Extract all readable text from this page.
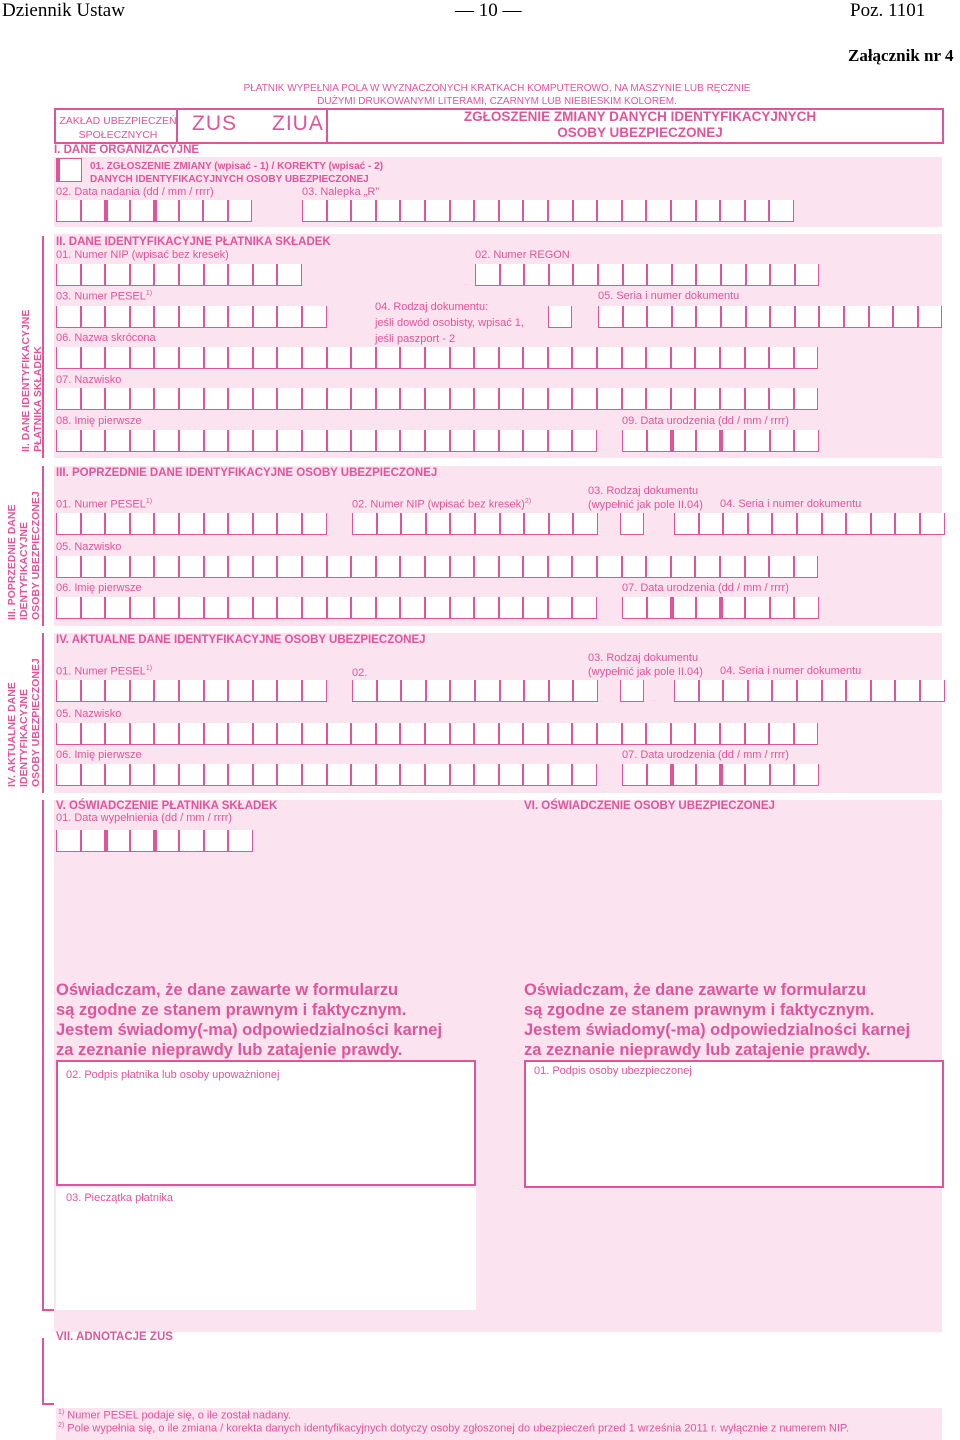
Dziennik Ustaw	— 10 —	Poz. 1101
Załącznik nr 4
PŁATNIK WYPEŁNIA POLA W WYZNACZONYCH KRATKACH KOMPUTEROWO, NA MASZYNIE LUB RĘCZNIE
DUŻYMI DRUKOWANYMI LITERAMI, CZARNYM LUB NIEBIESKIM KOLOREM.
ZAKŁAD UBEZPIECZEŃ
SPOŁECZNYCH	ZUS ZIUA	ZGŁOSZENIE ZMIANY DANYCH IDENTYFIKACYJNYCH
OSOBY UBEZPIECZONEJ
I. DANE ORGANIZACYJNE
01. ZGŁOSZENIE ZMIANY (wpisać - 1) / KOREKTY (wpisać - 2)
DANYCH IDENTYFIKACYJNYCH OSOBY UBEZPIECZONEJ
02. Data nadania (dd / mm / rrrr)	03. Nalepka „R”
II. DANE IDENTYFIKACYJNE PŁATNIKA SKŁADEK
II. DANE IDENTYFIKACYJNE PŁATNIKA SKŁADEK
01. Numer NIP (wpisać bez kresek)	02. Numer REGON
03. Numer PESEL$^{1)}$
04. Rodzaj dokumentu:
jeśli dowód osobisty, wpisać 1,
jeśli paszport - 2
05. Seria i numer dokumentu
06. Nazwa skrócona
07. Nazwisko
08. Imię pierwsze	09. Data urodzenia (dd / mm / rrrr)
III. POPRZEDNIE DANE IDENTYFIKACYJNE OSOBY UBEZPIECZONEJ
III. POPRZEDNIE DANE IDENTYFIKACYJNE OSOBY UBEZPIECZONEJ
01. Numer PESEL$^{1)}$	02. Numer NIP (wpisać bez kresek)$^{2)}$
03. Rodzaj dokumentu
(wypełnić jak pole II.04) 04. Seria i numer dokumentu
05. Nazwisko
06. Imię pierwsze	07. Data urodzenia (dd / mm / rrrr)
IV. AKTUALNE DANE IDENTYFIKACYJNE OSOBY UBEZPIECZONEJ
IV. AKTUALNE DANE IDENTYFIKACYJNE OSOBY UBEZPIECZONEJ
01. Numer PESEL$^{1)}$	02.
03. Rodzaj dokumentu
(wypełnić jak pole II.04) 04. Seria i numer dokumentu
05. Nazwisko
06. Imię pierwsze	07. Data urodzenia (dd / mm / rrrr)
V. OŚWIADCZENIE PŁATNIKA SKŁADEK
01. Data wypełnienia (dd / mm / rrrr)
VI. OŚWIADCZENIE OSOBY UBEZPIECZONEJ
Oświadczam, że dane zawarte w formularzu
są zgodne ze stanem prawnym i faktycznym.
Jestem świadomy(-ma) odpowiedzialności karnej
za zeznanie nieprawdy lub zatajenie prawdy.
Oświadczam, że dane zawarte w formularzu
są zgodne ze stanem prawnym i faktycznym.
Jestem świadomy(-ma) odpowiedzialności karnej
za zeznanie nieprawdy lub zatajenie prawdy.
02. Podpis płatnika lub osoby upoważnionej
03. Pieczątka płatnika
01. Podpis osoby ubezpieczonej
VII. ADNOTACJE ZUS
$^{1)}$ Numer PESEL podaje się, o ile został nadany.
$^{2)}$ Pole wypełnia się, o ile zmiana / korekta danych identyfikacyjnych dotyczy osoby zgłoszonej do ubezpieczeń przed 1 września 2011 r. wyłącznie z numerem NIP.
